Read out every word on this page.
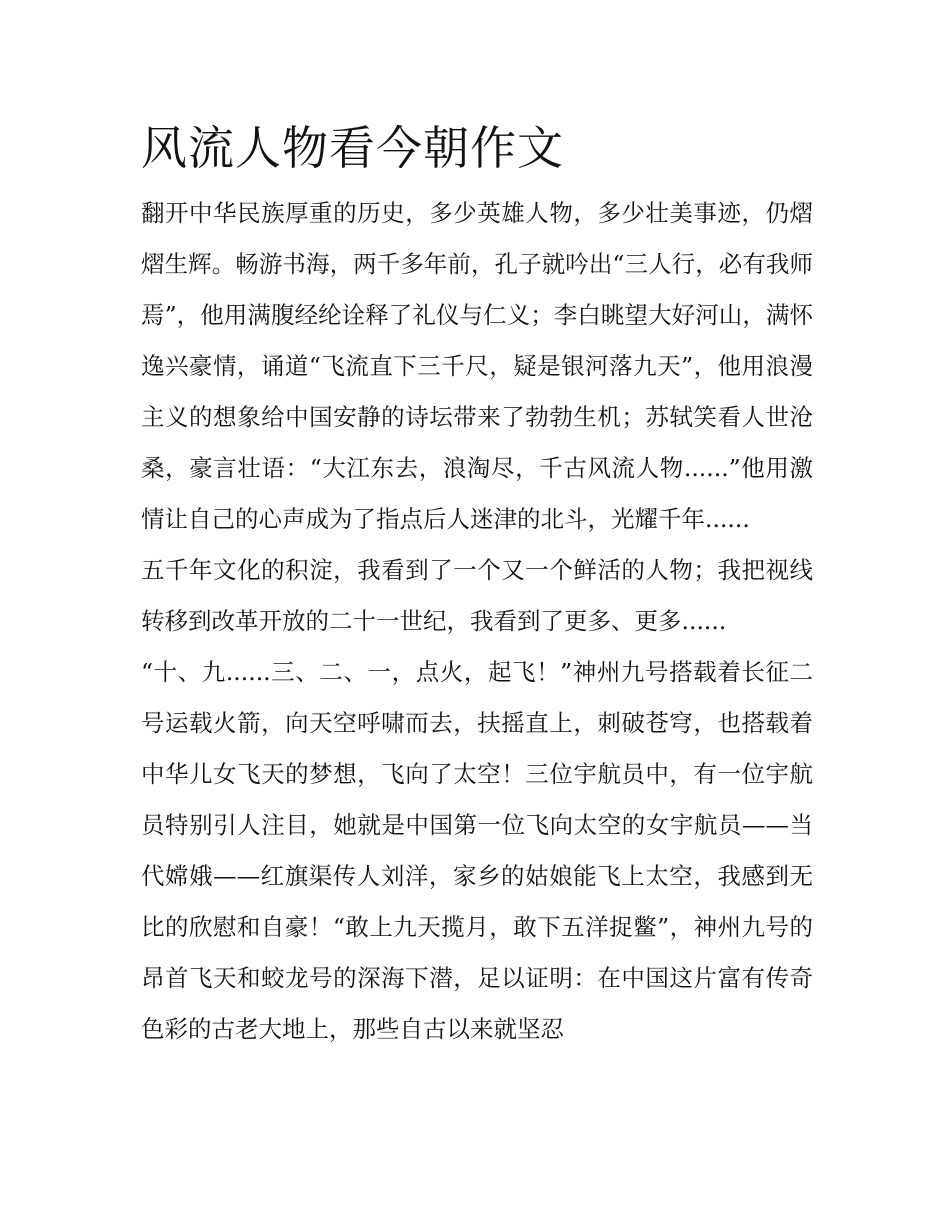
风流人物看今朝作文

翻开中华民族厚重的历史，多少英雄人物，多少壮美事迹，仍熠熠生辉。畅游书海，两千多年前，孔子就吟出“三人行，必有我师焉”，他用满腹经纶诠释了礼仪与仁义；李白眺望大好河山，满怀逸兴豪情，诵道“飞流直下三千尺，疑是银河落九天”，他用浪漫主义的想象给中国安静的诗坛带来了勃勃生机；苏轼笑看人世沧桑，豪言壮语：“大江东去，浪淘尽，千古风流人物......”他用激情让自己的心声成为了指点后人迷津的北斗，光耀千年......

五千年文化的积淀，我看到了一个又一个鲜活的人物；我把视线转移到改革开放的二十一世纪，我看到了更多、更多......

“十、九......三、二、一，点火，起飞！”神州九号搭载着长征二号运载火箭，向天空呼啸而去，扶摇直上，刺破苍穹，也搭载着中华儿女飞天的梦想，飞向了太空！三位宇航员中，有一位宇航员特别引人注目，她就是中国第一位飞向太空的女宇航员——当代嫦娥——红旗渠传人刘洋，家乡的姑娘能飞上太空，我感到无比的欣慰和自豪！“敢上九天揽月，敢下五洋捉鳖”，神州九号的昂首飞天和蛟龙号的深海下潜，足以证明：在中国这片富有传奇色彩的古老大地上，那些自古以来就坚忍
